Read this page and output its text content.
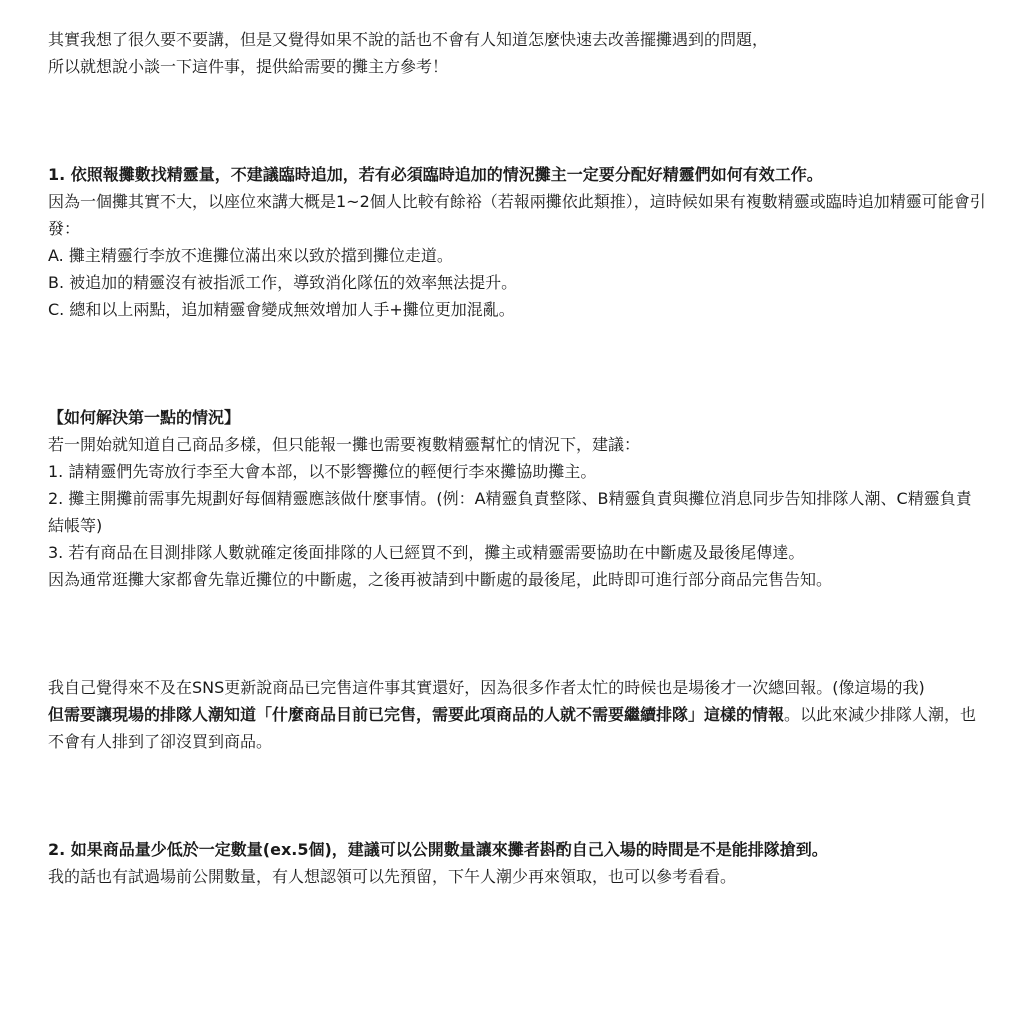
其實我想了很久要不要講，但是又覺得如果不說的話也不會有人知道怎麼快速去改善擺攤遇到的問題，
所以就想說小談一下這件事，提供給需要的攤主方參考！

1. 依照報攤數找精靈量，不建議臨時追加，若有必須臨時追加的情況攤主一定要分配好精靈們如何有效工作。

因為一個攤其實不大，以座位來講大概是1~2個人比較有餘裕（若報兩攤依此類推），這時候如果有複數精靈或臨時追加精靈可能會引發：

A. 攤主精靈行李放不進攤位滿出來以致於擋到攤位走道。

B. 被追加的精靈沒有被指派工作，導致消化隊伍的效率無法提升。

C. 總和以上兩點，追加精靈會變成無效增加人手+攤位更加混亂。

【如何解決第一點的情況】

若一開始就知道自己商品多樣，但只能報一攤也需要複數精靈幫忙的情況下，建議：

1. 請精靈們先寄放行李至大會本部，以不影響攤位的輕便行李來攤協助攤主。

2. 攤主開攤前需事先規劃好每個精靈應該做什麼事情。(例：A精靈負責整隊、B精靈負責與攤位消息同步告知排隊人潮、C精靈負責結帳等)

3. 若有商品在目測排隊人數就確定後面排隊的人已經買不到，攤主或精靈需要協助在中斷處及最後尾傳達。

因為通常逛攤大家都會先靠近攤位的中斷處，之後再被請到中斷處的最後尾，此時即可進行部分商品完售告知。

我自己覺得來不及在SNS更新說商品已完售這件事其實還好，因為很多作者太忙的時候也是場後才一次總回報。(像這場的我)
但需要讓現場的排隊人潮知道「什麼商品目前已完售，需要此項商品的人就不需要繼續排隊」這樣的情報。以此來減少排隊人潮，也不會有人排到了卻沒買到商品。

2. 如果商品量少低於一定數量(ex.5個)，建議可以公開數量讓來攤者斟酌自己入場的時間是不是能排隊搶到。

我的話也有試過場前公開數量，有人想認領可以先預留，下午人潮少再來領取，也可以參考看看。
